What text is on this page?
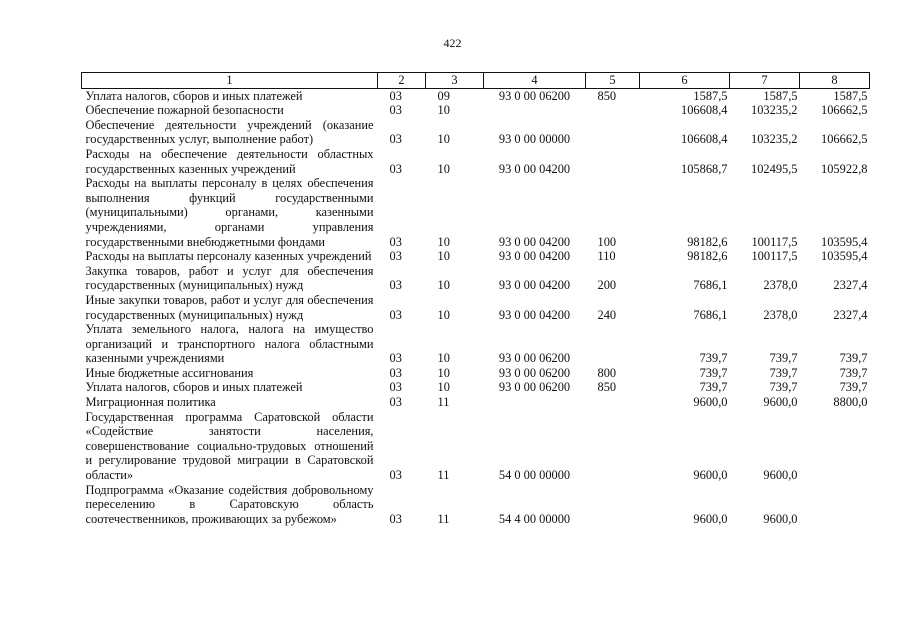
422
1	2	3	4	5	6	7	8
Уплата налогов, сборов и иных платежей	03	09	93 0 00 06200	850	1587,5	1587,5	1587,5
Обеспечение пожарной безопасности	03	10			106608,4	103235,2	106662,5
Обеспечение деятельности учреждений (оказание государственных услуг, выполнение работ)	03	10	93 0 00 00000		106608,4	103235,2	106662,5
Расходы на обеспечение деятельности областных государственных казенных учреждений	03	10	93 0 00 04200		105868,7	102495,5	105922,8
Расходы на выплаты персоналу в целях обеспечения выполнения функций государственными (муниципальными) органами, казенными учреждениями, органами управления государственными внебюджетными фондами	03	10	93 0 00 04200	100	98182,6	100117,5	103595,4
Расходы на выплаты персоналу казенных учреждений	03	10	93 0 00 04200	110	98182,6	100117,5	103595,4
Закупка товаров, работ и услуг для обеспечения государственных (муниципальных) нужд	03	10	93 0 00 04200	200	7686,1	2378,0	2327,4
Иные закупки товаров, работ и услуг для обеспечения государственных (муниципальных) нужд	03	10	93 0 00 04200	240	7686,1	2378,0	2327,4
Уплата земельного налога, налога на имущество организаций и транспортного налога областными казенными учреждениями	03	10	93 0 00 06200		739,7	739,7	739,7
Иные бюджетные ассигнования	03	10	93 0 00 06200	800	739,7	739,7	739,7
Уплата налогов, сборов и иных платежей	03	10	93 0 00 06200	850	739,7	739,7	739,7
Миграционная политика	03	11			9600,0	9600,0	8800,0
Государственная программа Саратовской области «Содействие занятости населения, совершенствование социально-трудовых отношений и регулирование трудовой миграции в Саратовской области»	03	11	54 0 00 00000		9600,0	9600,0	
Подпрограмма «Оказание содействия добровольному переселению в Саратовскую область соотечественников, проживающих за рубежом»	03	11	54 4 00 00000		9600,0	9600,0	
